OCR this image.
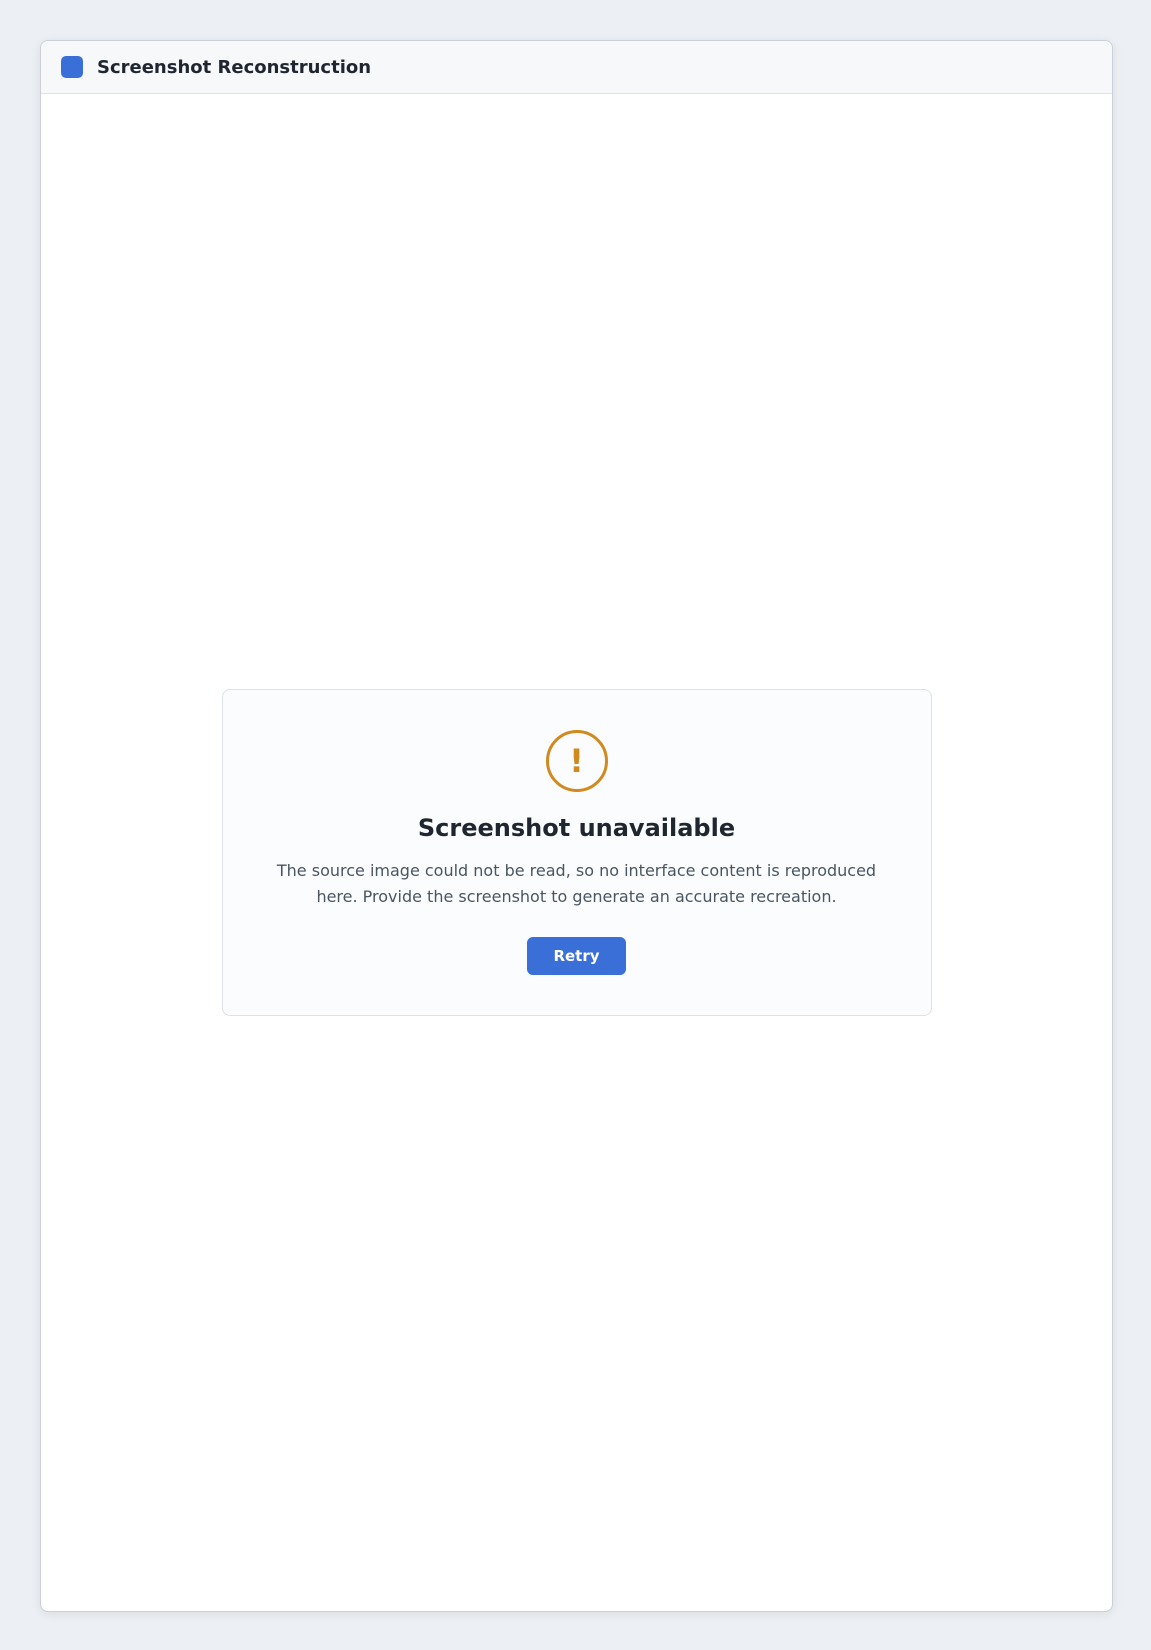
Screenshot Reconstruction
!
Screenshot unavailable

The source image could not be read, so no interface content is reproduced here. Provide the screenshot to generate an accurate recreation.

Retry
